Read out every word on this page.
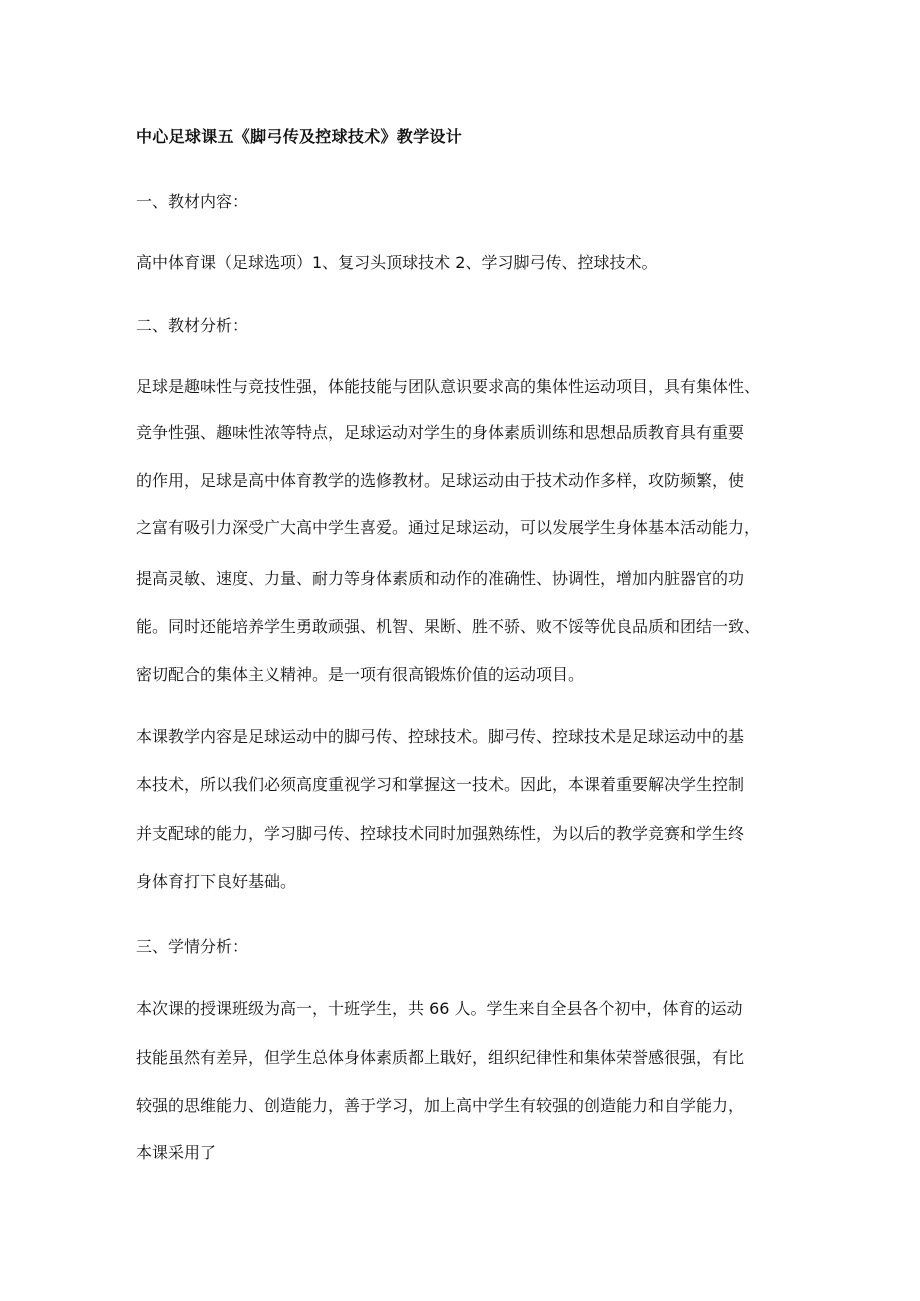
中心足球课五《脚弓传及控球技术》教学设计
一、教材内容：
高中体育课（足球选项）1、复习头顶球技术 2、学习脚弓传、控球技术。
二、教材分析：
足球是趣味性与竞技性强，体能技能与团队意识要求高的集体性运动项目，具有集体性、
竞争性强、趣味性浓等特点，足球运动对学生的身体素质训练和思想品质教育具有重要
的作用，足球是高中体育教学的选修教材。足球运动由于技术动作多样，攻防频繁，使
之富有吸引力深受广大高中学生喜爱。通过足球运动，可以发展学生身体基本活动能力，
提高灵敏、速度、力量、耐力等身体素质和动作的准确性、协调性，增加内脏器官的功
能。同时还能培养学生勇敢顽强、机智、果断、胜不骄、败不馁等优良品质和团结一致、
密切配合的集体主义精神。是一项有很高锻炼价值的运动项目。
本课教学内容是足球运动中的脚弓传、控球技术。脚弓传、控球技术是足球运动中的基
本技术，所以我们必须高度重视学习和掌握这一技术。因此，本课着重要解决学生控制
并支配球的能力，学习脚弓传、控球技术同时加强熟练性，为以后的教学竞赛和学生终
身体育打下良好基础。
三、学情分析：
本次课的授课班级为高一，十班学生，共 66 人。学生来自全县各个初中，体育的运动
技能虽然有差异，但学生总体身体素质都上戢好，组织纪律性和集体荣誉感很强，有比
较强的思维能力、创造能力，善于学习，加上高中学生有较强的创造能力和自学能力，
本课采用了
